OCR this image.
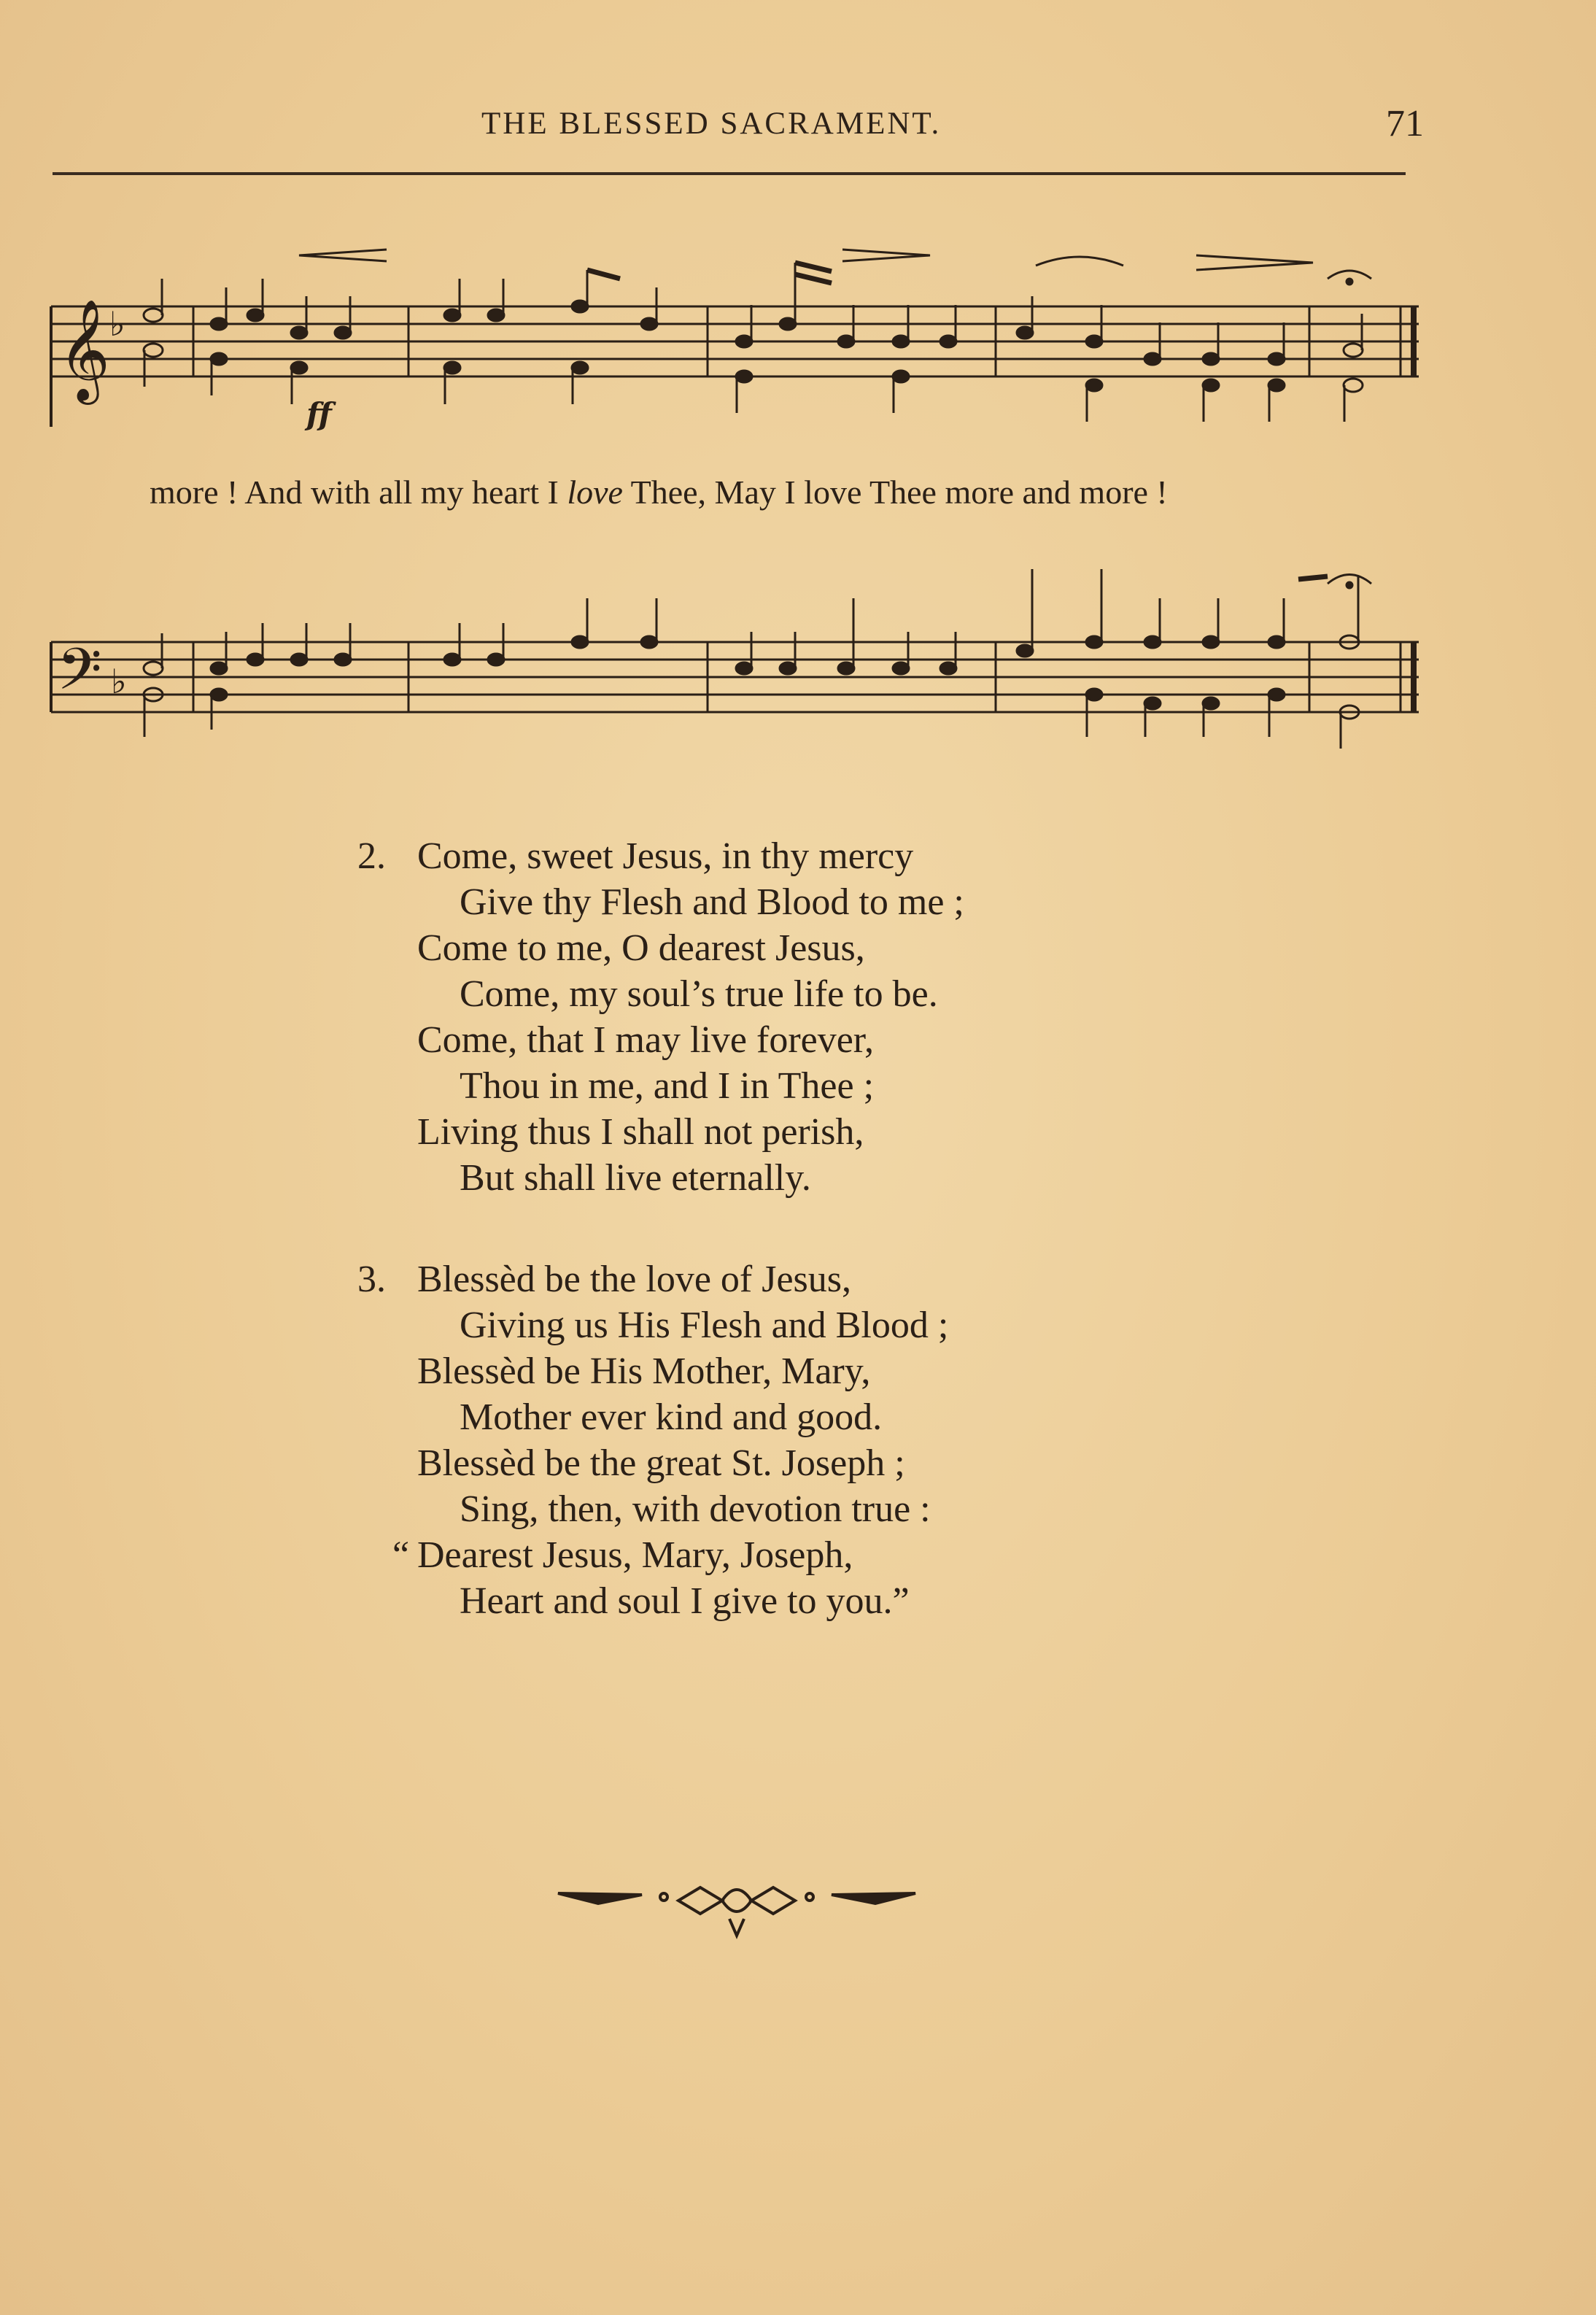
THE BLESSED SACRAMENT.	71
𝄞 ♭
ff
𝄢 ♭
more ! And with all my heart I love Thee, May I love Thee more and more !
2. Come, sweet Jesus, in thy mercy
Give thy Flesh and Blood to me ;
Come to me, O dearest Jesus,
Come, my soul’s true life to be.
Come, that I may live forever,
Thou in me, and I in Thee ;
Living thus I shall not perish,
But shall live eternally.
3. Blessèd be the love of Jesus,
Giving us His Flesh and Blood ;
Blessèd be His Mother, Mary,
Mother ever kind and good.
Blessèd be the great St. Joseph ;
Sing, then, with devotion true :
“ Dearest Jesus, Mary, Joseph,
Heart and soul I give to you.”
